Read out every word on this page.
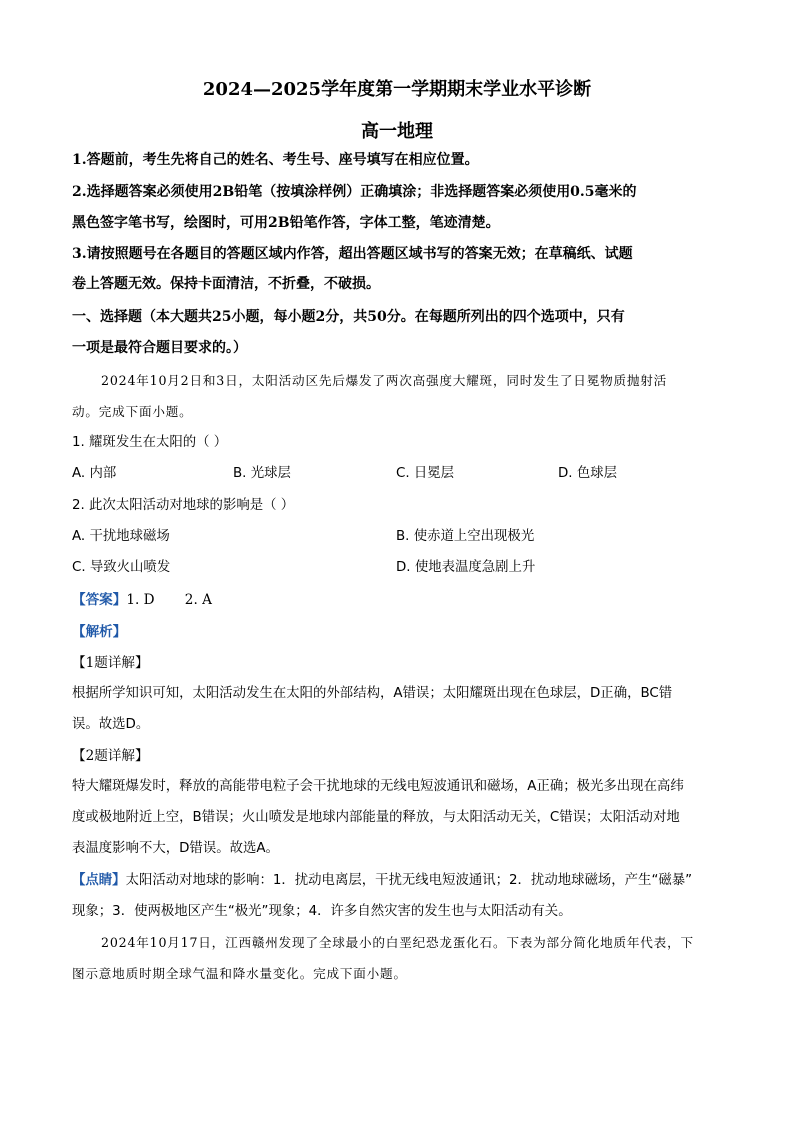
2024—2025学年度第一学期期末学业水平诊断
高一地理
1.答题前，考生先将自己的姓名、考生号、座号填写在相应位置。
2.选择题答案必须使用2B铅笔（按填涂样例）正确填涂；非选择题答案必须使用0.5毫米的
黑色签字笔书写，绘图时，可用2B铅笔作答，字体工整，笔迹清楚。
3.请按照题号在各题目的答题区域内作答，超出答题区域书写的答案无效；在草稿纸、试题
卷上答题无效。保持卡面清洁，不折叠，不破损。
一、选择题（本大题共25小题，每小题2分，共50分。在每题所列出的四个选项中，只有
一项是最符合题目要求的。）
2024年10月2日和3日，太阳活动区先后爆发了两次高强度大耀斑，同时发生了日冕物质抛射活
动。完成下面小题。
1. 耀斑发生在太阳的（ ）
A. 内部	B. 光球层	C. 日冕层	D. 色球层
2. 此次太阳活动对地球的影响是（ ）
A. 干扰地球磁场	B. 使赤道上空出现极光
C. 导致火山喷发	D. 使地表温度急剧上升
【答案】1. D       2. A
【解析】
【1题详解】
根据所学知识可知，太阳活动发生在太阳的外部结构，A错误；太阳耀斑出现在色球层，D正确，BC错
误。故选D。
【2题详解】
特大耀斑爆发时，释放的高能带电粒子会干扰地球的无线电短波通讯和磁场，A正确；极光多出现在高纬
度或极地附近上空，B错误；火山喷发是地球内部能量的释放，与太阳活动无关，C错误；太阳活动对地
表温度影响不大，D错误。故选A。
【点睛】太阳活动对地球的影响：1．扰动电离层，干扰无线电短波通讯；2．扰动地球磁场，产生“磁暴”
现象；3．使两极地区产生“极光”现象；4．许多自然灾害的发生也与太阳活动有关。
2024年10月17日，江西赣州发现了全球最小的白垩纪恐龙蛋化石。下表为部分简化地质年代表，下
图示意地质时期全球气温和降水量变化。完成下面小题。
